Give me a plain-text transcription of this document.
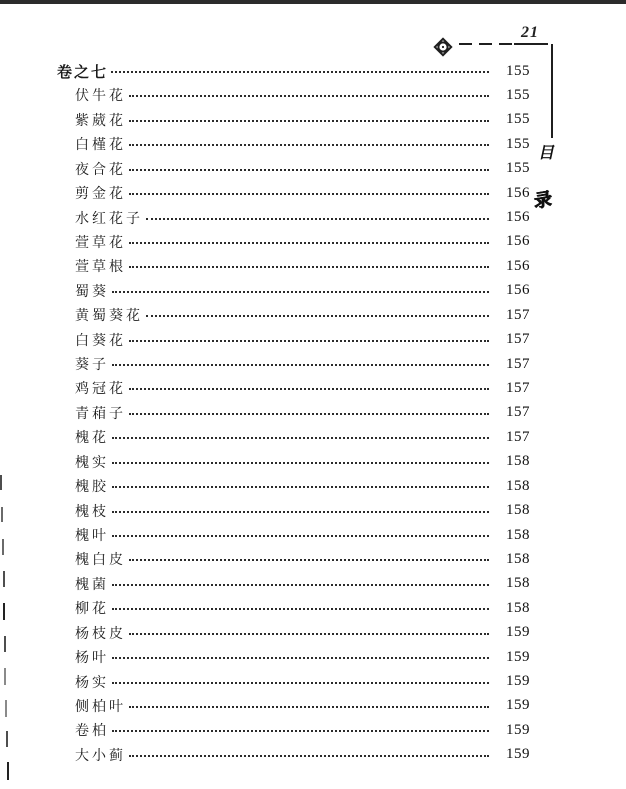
21
目
录
卷之七	155
伏牛花	155
紫葳花	155
白槿花	155
夜合花	155
剪金花	156
水红花子	156
萱草花	156
萱草根	156
蜀葵	156
黄蜀葵花	157
白葵花	157
葵子	157
鸡冠花	157
青葙子	157
槐花	157
槐实	158
槐胶	158
槐枝	158
槐叶	158
槐白皮	158
槐菌	158
柳花	158
杨枝皮	159
杨叶	159
杨实	159
侧柏叶	159
卷柏	159
大小蓟	159
